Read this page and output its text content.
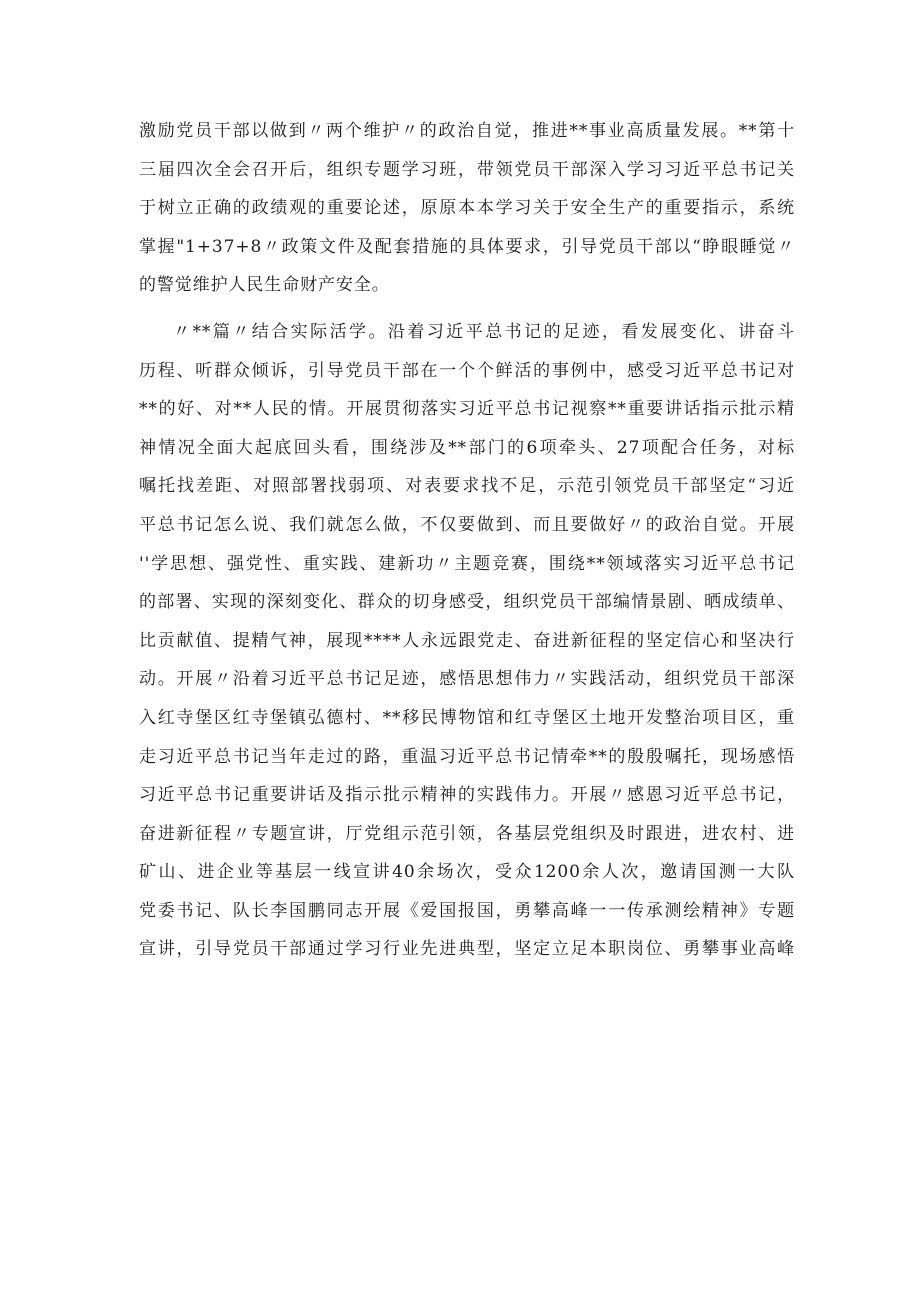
激励党员干部以做到〃两个维护〃的政治自觉，推进**事业高质量发展。**第十
三届四次全会召开后，组织专题学习班，带领党员干部深入学习习近平总书记关
于树立正确的政绩观的重要论述，原原本本学习关于安全生产的重要指示，系统
掌握"1+37+8〃政策文件及配套措施的具体要求，引导党员干部以“睁眼睡觉〃
的警觉维护人民生命财产安全。

〃**篇〃结合实际活学。沿着习近平总书记的足迹，看发展变化、讲奋斗
历程、听群众倾诉，引导党员干部在一个个鲜活的事例中，感受习近平总书记对
**的好、对**人民的情。开展贯彻落实习近平总书记视察**重要讲话指示批示精
神情况全面大起底回头看，围绕涉及**部门的6项牵头、27项配合任务，对标
嘱托找差距、对照部署找弱项、对表要求找不足，示范引领党员干部坚定“习近
平总书记怎么说、我们就怎么做，不仅要做到、而且要做好〃的政治自觉。开展
''学思想、强党性、重实践、建新功〃主题竞赛，围绕**领域落实习近平总书记
的部署、实现的深刻变化、群众的切身感受，组织党员干部编情景剧、晒成绩单、
比贡献值、提精气神，展现****人永远跟党走、奋进新征程的坚定信心和坚决行
动。开展〃沿着习近平总书记足迹，感悟思想伟力〃实践活动，组织党员干部深
入红寺堡区红寺堡镇弘德村、**移民博物馆和红寺堡区土地开发整治项目区，重
走习近平总书记当年走过的路，重温习近平总书记情牵**的殷殷嘱托，现场感悟
习近平总书记重要讲话及指示批示精神的实践伟力。开展〃感恩习近平总书记，
奋进新征程〃专题宣讲，厅党组示范引领，各基层党组织及时跟进，进农村、进
矿山、进企业等基层一线宣讲40余场次，受众1200余人次，邀请国测一大队
党委书记、队长李国鹏同志开展《爱国报国，勇攀高峰一一传承测绘精神》专题
宣讲，引导党员干部通过学习行业先进典型，坚定立足本职岗位、勇攀事业高峰
